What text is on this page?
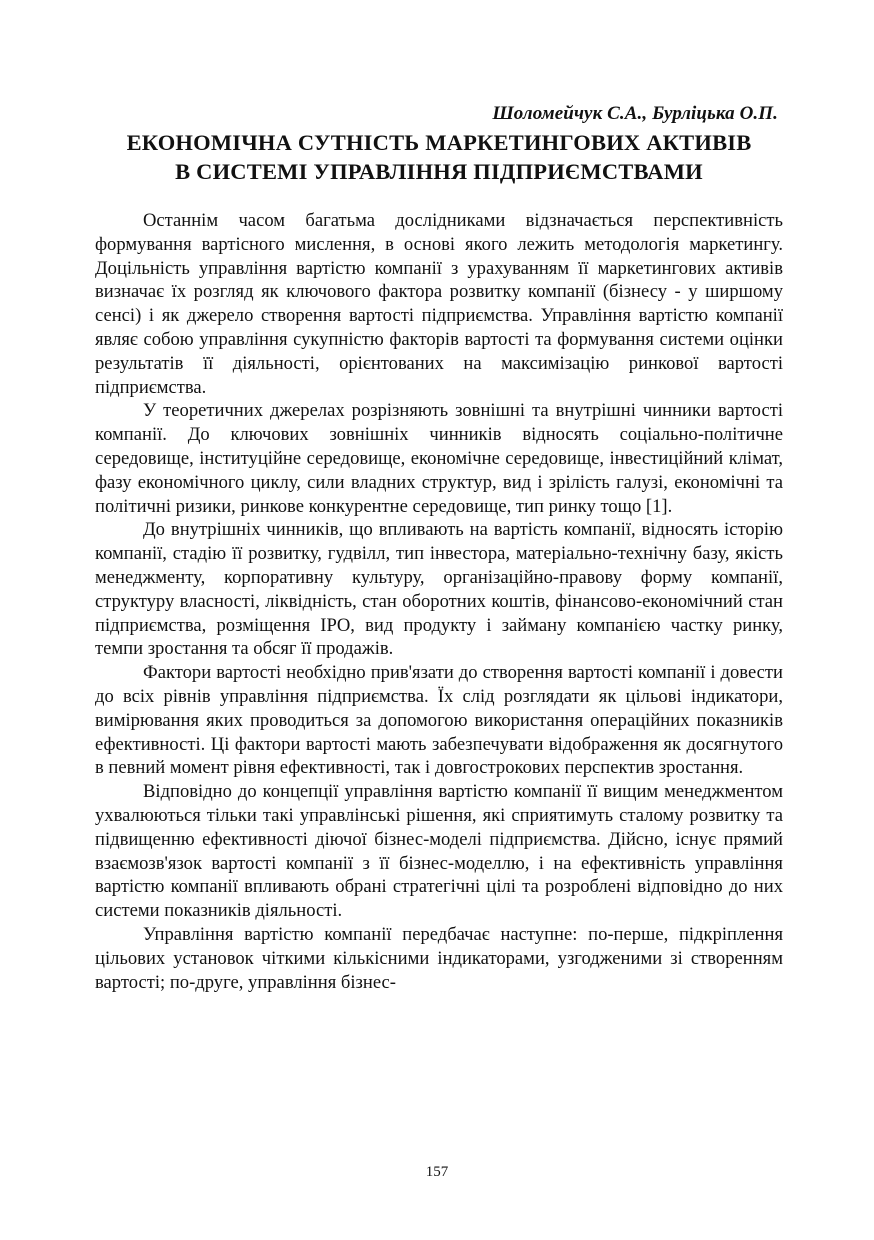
Шоломейчук С.А., Бурліцька О.П.
ЕКОНОМІЧНА СУТНІСТЬ МАРКЕТИНГОВИХ АКТИВІВ
В СИСТЕМІ УПРАВЛІННЯ ПІДПРИЄМСТВАМИ

Останнім часом багатьма дослідниками відзначається перспективність формування вартісного мислення, в основі якого лежить методологія маркетингу. Доцільність управління вартістю компанії з урахуванням її маркетингових активів визначає їх розгляд як ключового фактора розвитку компанії (бізнесу - у ширшому сенсі) і як джерело створення вартості підприємства. Управління вартістю компанії являє собою управління сукупністю факторів вартості та формування системи оцінки результатів її діяльності, орієнтованих на максимізацію ринкової вартості підприємства.

У теоретичних джерелах розрізняють зовнішні та внутрішні чинники вартості компанії. До ключових зовнішніх чинників відносять соціально-політичне середовище, інституційне середовище, економічне середовище, інвестиційний клімат, фазу економічного циклу, сили владних структур, вид і зрілість галузі, економічні та політичні ризики, ринкове конкурентне середовище, тип ринку тощо [1].

До внутрішніх чинників, що впливають на вартість компанії, відносять історію компанії, стадію її розвитку, гудвілл, тип інвестора, матеріально-технічну базу, якість менеджменту, корпоративну культуру, організаційно-правову форму компанії, структуру власності, ліквідність, стан оборотних коштів, фінансово-економічний стан підприємства, розміщення IPO, вид продукту і займану компанією частку ринку, темпи зростання та обсяг її продажів.

Фактори вартості необхідно прив'язати до створення вартості компанії і довести до всіх рівнів управління підприємства. Їх слід розглядати як цільові індикатори, вимірювання яких проводиться за допомогою використання операційних показників ефективності. Ці фактори вартості мають забезпечувати відображення як досягнутого в певний момент рівня ефективності, так і довгострокових перспектив зростання.

Відповідно до концепції управління вартістю компанії її вищим менеджментом ухвалюються тільки такі управлінські рішення, які сприятимуть сталому розвитку та підвищенню ефективності діючої бізнес-моделі підприємства. Дійсно, існує прямий взаємозв'язок вартості компанії з її бізнес-моделлю, і на ефективність управління вартістю компанії впливають обрані стратегічні цілі та розроблені відповідно до них системи показників діяльності.

Управління вартістю компанії передбачає наступне: по-перше, підкріплення цільових установок чіткими кількісними індикаторами, узгодженими зі створенням вартості; по-друге, управління бізнес-

157
